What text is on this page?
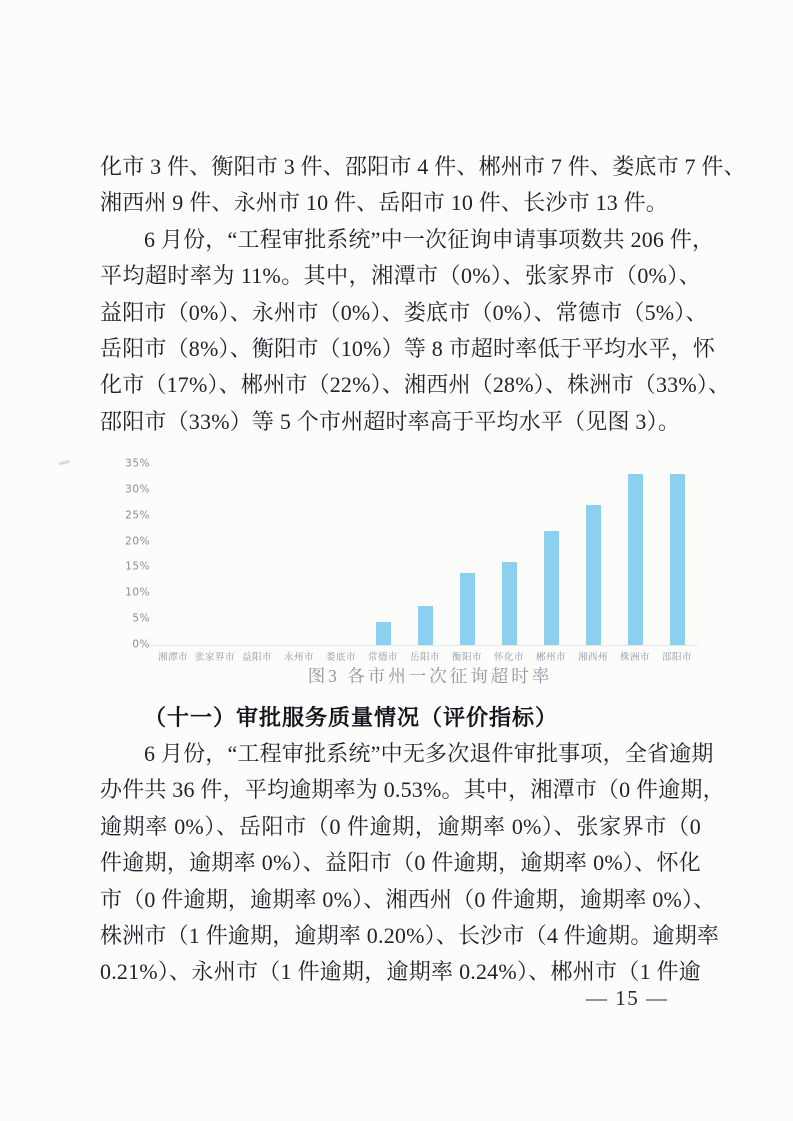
化市 3 件、衡阳市 3 件、邵阳市 4 件、郴州市 7 件、娄底市 7 件、
湘西州 9 件、永州市 10 件、岳阳市 10 件、长沙市 13 件。
6 月份，“工程审批系统”中一次征询申请事项数共 206 件，
平均超时率为 11%。其中，湘潭市（0%）、张家界市（0%）、
益阳市（0%）、永州市（0%）、娄底市（0%）、常德市（5%）、
岳阳市（8%）、衡阳市（10%）等 8 市超时率低于平均水平，怀
化市（17%）、郴州市（22%）、湘西州（28%）、株洲市（33%）、
邵阳市（33%）等 5 个市州超时率高于平均水平（见图 3）。
0%
5%
10%
15%
20%
25%
30%
35%
湘潭市 张家界市 益阳市	永州市	娄底市	常德市	岳阳市	衡阳市	怀化市	郴州市	湘西州	株洲市	邵阳市
图3 各市州一次征询超时率
（十一）审批服务质量情况（评价指标）
6 月份，“工程审批系统”中无多次退件审批事项，全省逾期
办件共 36 件，平均逾期率为 0.53%。其中，湘潭市（0 件逾期，
逾期率 0%）、岳阳市（0 件逾期，逾期率 0%）、张家界市（0
件逾期，逾期率 0%）、益阳市（0 件逾期，逾期率 0%）、怀化
市（0 件逾期，逾期率 0%）、湘西州（0 件逾期，逾期率 0%）、
株洲市（1 件逾期，逾期率 0.20%）、长沙市（4 件逾期。逾期率
0.21%）、永州市（1 件逾期，逾期率 0.24%）、郴州市（1 件逾
— 15 —
